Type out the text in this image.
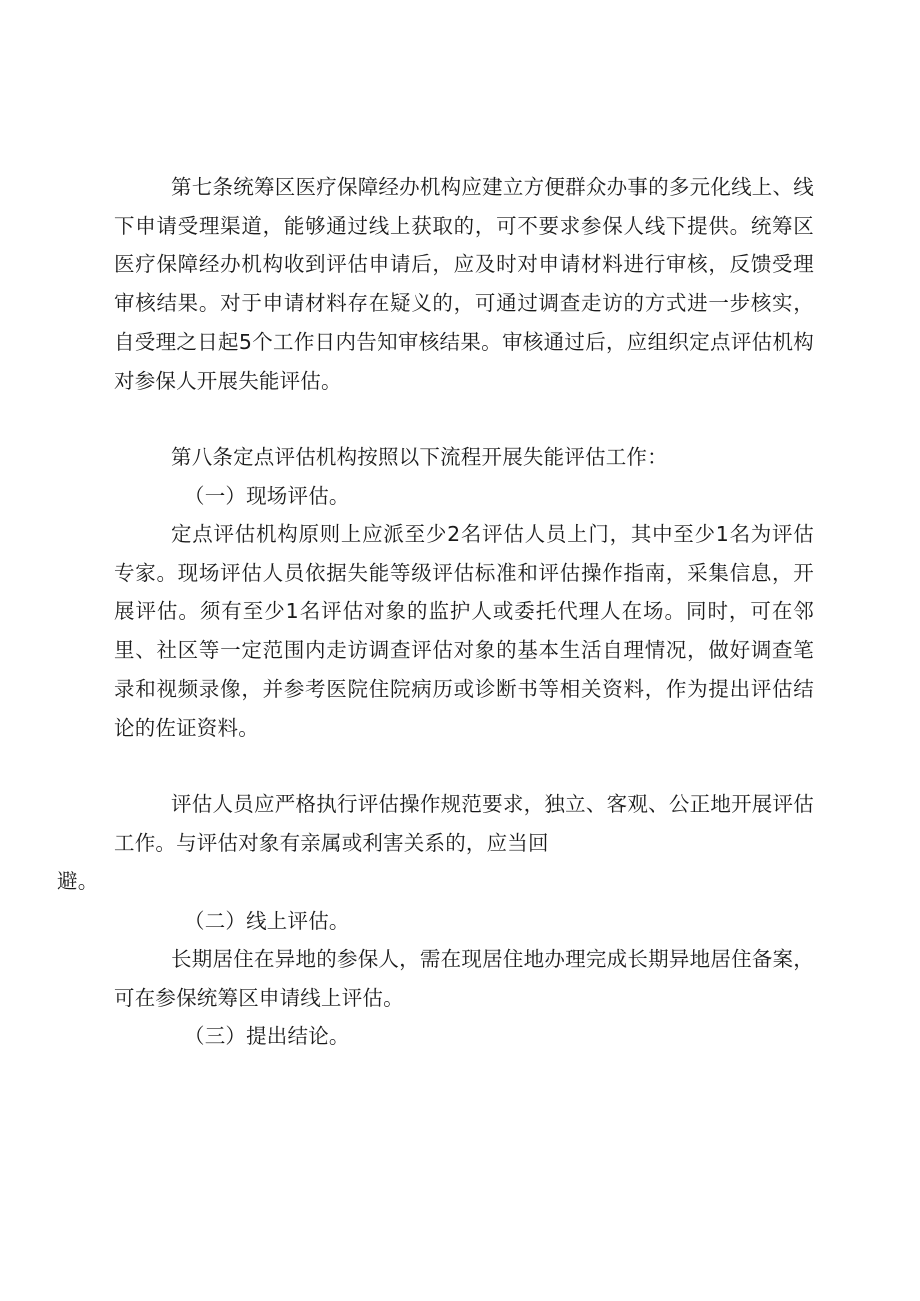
第七条统筹区医疗保障经办机构应建立方便群众办事的多元化线上、线下申请受理渠道，能够通过线上获取的，可不要求参保人线下提供。统筹区医疗保障经办机构收到评估申请后，应及时对申请材料进行审核，反馈受理审核结果。对于申请材料存在疑义的，可通过调查走访的方式进一步核实，自受理之日起5个工作日内告知审核结果。审核通过后，应组织定点评估机构对参保人开展失能评估。

第八条定点评估机构按照以下流程开展失能评估工作：

（一）现场评估。

定点评估机构原则上应派至少2名评估人员上门，其中至少1名为评估专家。现场评估人员依据失能等级评估标准和评估操作指南，采集信息，开展评估。须有至少1名评估对象的监护人或委托代理人在场。同时，可在邻里、社区等一定范围内走访调查评估对象的基本生活自理情况，做好调查笔录和视频录像，并参考医院住院病历或诊断书等相关资料，作为提出评估结论的佐证资料。

评估人员应严格执行评估操作规范要求，独立、客观、公正地开展评估工作。与评估对象有亲属或利害关系的，应当回
避。

（二）线上评估。

长期居住在异地的参保人，需在现居住地办理完成长期异地居住备案，可在参保统筹区申请线上评估。

（三）提出结论。
